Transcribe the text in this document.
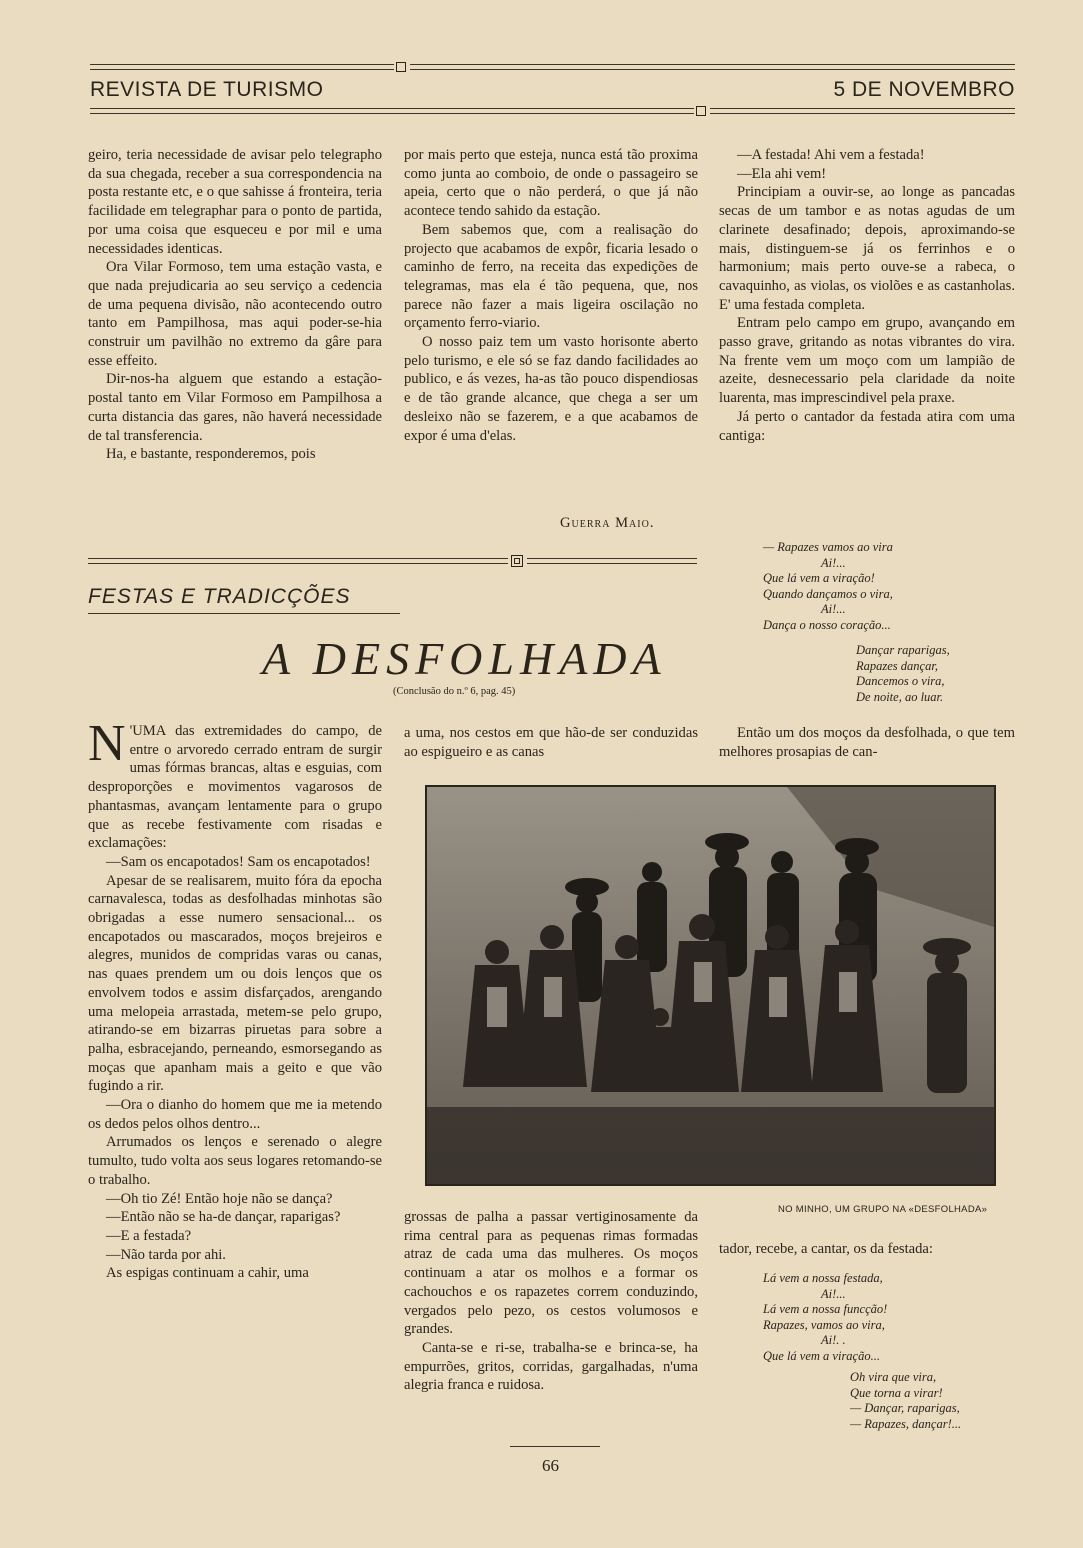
REVISTA DE TURISMO	5 DE NOVEMBRO

geiro, teria necessidade de avisar pelo telegrapho da sua chegada, receber a sua correspondencia na posta restante etc, e o que sahisse á fronteira, teria facilidade em telegraphar para o ponto de partida, por uma coisa que esqueceu e por mil e uma necessidades identicas.

Ora Vilar Formoso, tem uma estação vasta, e que nada prejudicaria ao seu serviço a cedencia de uma pequena divisão, não acontecendo outro tanto em Pampilhosa, mas aqui poder-se-hia construir um pavilhão no extremo da gâre para esse effeito.

Dir-nos-ha alguem que estando a estação-postal tanto em Vilar Formoso em Pampilhosa a curta distancia das gares, não haverá necessidade de tal transferencia.

Ha, e bastante, responderemos, pois

por mais perto que esteja, nunca está tão proxima como junta ao comboio, de onde o passageiro se apeia, certo que o não perderá, o que já não acontece tendo sahido da estação.

Bem sabemos que, com a realisação do projecto que acabamos de expôr, ficaria lesado o caminho de ferro, na receita das expedições de telegramas, mas ela é tão pequena, que, nos parece não fazer a mais ligeira oscilação no orçamento ferro-viario.

O nosso paiz tem um vasto horisonte aberto pelo turismo, e ele só se faz dando facilidades ao publico, e ás vezes, ha-as tão pouco dispendiosas e de tão grande alcance, que chega a ser um desleixo não se fazerem, e a que acabamos de expor é uma d'elas.

Guerra Maio.

—A festada! Ahi vem a festada!

—Ela ahi vem!

Principiam a ouvir-se, ao longe as pancadas secas de um tambor e as notas agudas de um clarinete desafinado; depois, aproximando-se mais, distinguem-se já os ferrinhos e o harmonium; mais perto ouve-se a rabeca, o cavaquinho, as violas, os violões e as castanholas. E' uma festada completa.

Entram pelo campo em grupo, avançando em passo grave, gritando as notas vibrantes do vira. Na frente vem um moço com um lampião de azeite, desnecessario pela claridade da noite luarenta, mas imprescindivel pela praxe.

Já perto o cantador da festada atira com uma cantiga:

— Rapazes vamos ao vira
Ai!...
Que lá vem a viração!
Quando dançamos o vira,
Ai!...
Dança o nosso coração...
Dançar raparigas,
Rapazes dançar,
Dancemos o vira,
De noite, ao luar.
FESTAS E TRADICÇÕES
A DESFOLHADA
(Conclusão do n.º 6, pag. 45)

N 'UMA das extremidades do campo, de entre o arvoredo cerrado entram de surgir umas fórmas brancas, altas e esguias, com desproporções e movimentos vagarosos de phantasmas, avançam lentamente para o grupo que as recebe festivamente com risadas e exclamações:

—Sam os encapotados! Sam os encapotados!

Apesar de se realisarem, muito fóra da epocha carnavalesca, todas as desfolhadas minhotas são obrigadas a esse numero sensacional... os encapotados ou mascarados, moços brejeiros e alegres, munidos de compridas varas ou canas, nas quaes prendem um ou dois lenços que os envolvem todos e assim disfarçados, arengando uma melopeia arrastada, metem-se pelo grupo, atirando-se em bizarras piruetas para sobre a palha, esbracejando, perneando, esmorsegando as moças que apanham mais a geito e que vão fugindo a rir.

—Ora o dianho do homem que me ia metendo os dedos pelos olhos dentro...

Arrumados os lenços e serenado o alegre tumulto, tudo volta aos seus logares retomando-se o trabalho.

—Oh tio Zé! Então hoje não se dança?

—Então não se ha-de dançar, raparigas?

—E a festada?

—Não tarda por ahi.

As espigas continuam a cahir, uma

a uma, nos cestos em que hão-de ser conduzidas ao espigueiro e as canas

Então um dos moços da desfolhada, o que tem melhores prosapias de can-

NO MINHO, UM GRUPO NA «DESFOLHADA»

grossas de palha a passar vertiginosamente da rima central para as pequenas rimas formadas atraz de cada uma das mulheres. Os moços continuam a atar os molhos e a formar os cachouchos e os rapazetes correm conduzindo, vergados pelo pezo, os cestos volumosos e grandes.

Canta-se e ri-se, trabalha-se e brinca-se, ha empurrões, gritos, corridas, gargalhadas, n'uma alegria franca e ruidosa.

tador, recebe, a cantar, os da festada:

Lá vem a nossa festada,
Ai!...
Lá vem a nossa funcção!
Rapazes, vamos ao vira,
Ai!. .
Que lá vem a viração...
Oh vira que vira,
Que torna a virar!
— Dançar, raparigas,
— Rapazes, dançar!...
66
